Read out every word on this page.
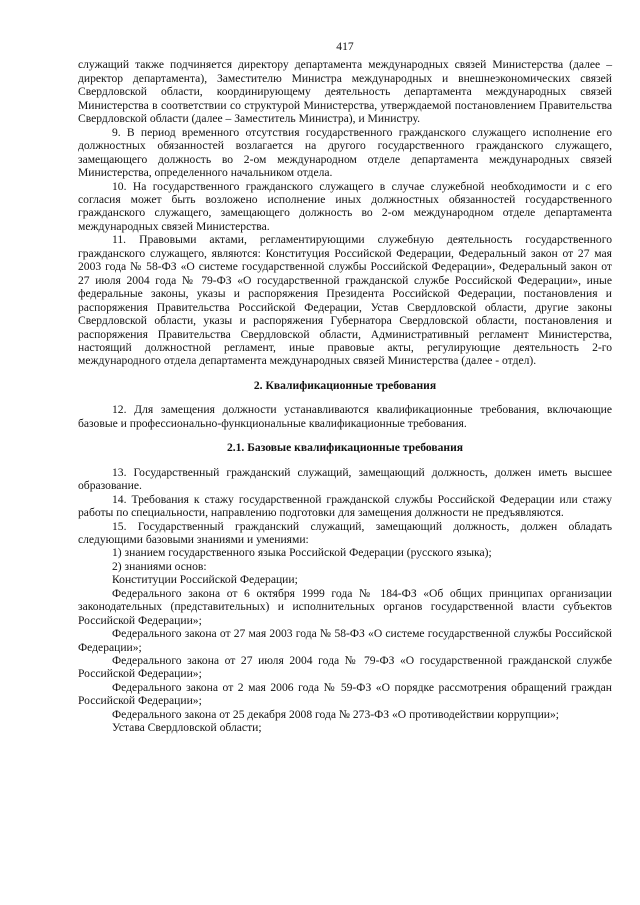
417

служащий также подчиняется директору департамента международных связей Министерства (далее – директор департамента), Заместителю Министра международных и внешнеэкономических связей Свердловской области, координирующему деятельность департамента международных связей Министерства в соответствии со структурой Министерства, утверждаемой постановлением Правительства Свердловской области (далее – Заместитель Министра), и Министру.

9. В период временного отсутствия государственного гражданского служащего исполнение его должностных обязанностей возлагается на другого государственного гражданского служащего, замещающего должность во 2-ом международном отделе департамента международных связей Министерства, определенного начальником отдела.

10. На государственного гражданского служащего в случае служебной необходимости и с его согласия может быть возложено исполнение иных должностных обязанностей государственного гражданского служащего, замещающего должность во 2-ом международном отделе департамента международных связей Министерства.

11. Правовыми актами, регламентирующими служебную деятельность государственного гражданского служащего, являются: Конституция Российской Федерации, Федеральный закон от 27 мая 2003 года № 58-ФЗ «О системе государственной службы Российской Федерации», Федеральный закон от 27 июля 2004 года № 79-ФЗ «О государственной гражданской службе Российской Федерации», иные федеральные законы, указы и распоряжения Президента Российской Федерации, постановления и распоряжения Правительства Российской Федерации, Устав Свердловской области, другие законы Свердловской области, указы и распоряжения Губернатора Свердловской области, постановления и распоряжения Правительства Свердловской области, Административный регламент Министерства, настоящий должностной регламент, иные правовые акты, регулирующие деятельность 2-го международного отдела департамента международных связей Министерства (далее - отдел).

2. Квалификационные требования

12. Для замещения должности устанавливаются квалификационные требования, включающие базовые и профессионально-функциональные квалификационные требования.

2.1. Базовые квалификационные требования

13. Государственный гражданский служащий, замещающий должность, должен иметь высшее образование.

14. Требования к стажу государственной гражданской службы Российской Федерации или стажу работы по специальности, направлению подготовки для замещения должности не предъявляются.

15. Государственный гражданский служащий, замещающий должность, должен обладать следующими базовыми знаниями и умениями:

1) знанием государственного языка Российской Федерации (русского языка);

2) знаниями основ:

Конституции Российской Федерации;

Федерального закона от 6 октября 1999 года № 184-ФЗ «Об общих принципах организации законодательных (представительных) и исполнительных органов государственной власти субъектов Российской Федерации»;

Федерального закона от 27 мая 2003 года № 58-ФЗ «О системе государственной службы Российской Федерации»;

Федерального закона от 27 июля 2004 года № 79-ФЗ «О государственной гражданской службе Российской Федерации»;

Федерального закона от 2 мая 2006 года № 59-ФЗ «О порядке рассмотрения обращений граждан Российской Федерации»;

Федерального закона от 25 декабря 2008 года № 273-ФЗ «О противодействии коррупции»;

Устава Свердловской области;
